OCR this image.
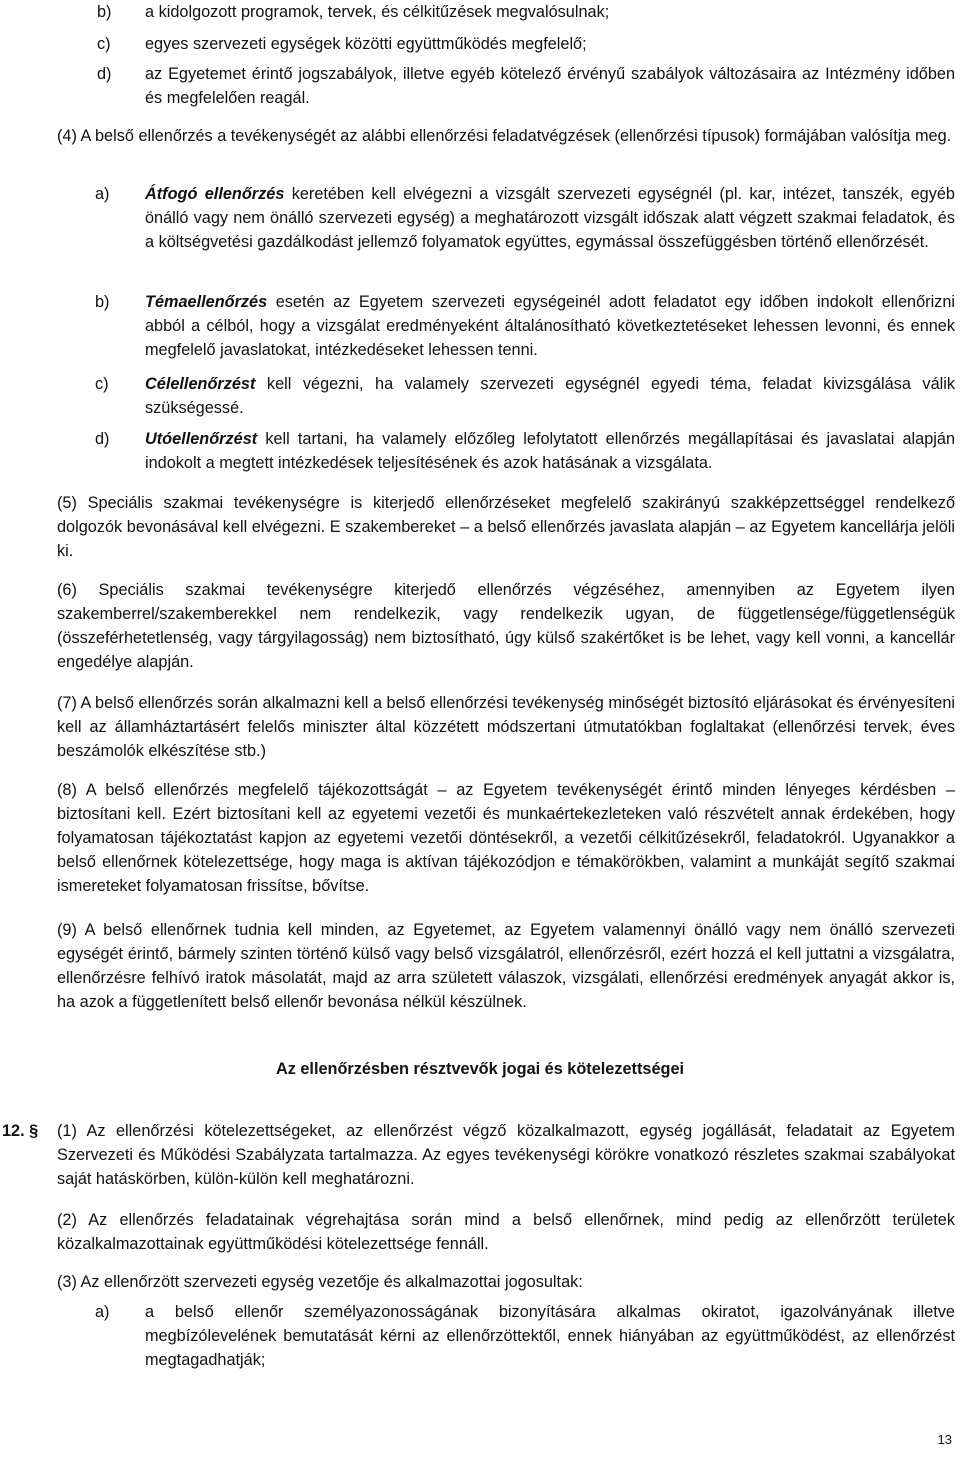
b) a kidolgozott programok, tervek, és célkitűzések megvalósulnak;
c) egyes szervezeti egységek közötti együttműködés megfelelő;
d) az Egyetemet érintő jogszabályok, illetve egyéb kötelező érvényű szabályok változásaira az Intézmény időben és megfelelően reagál.

(4) A belső ellenőrzés a tevékenységét az alábbi ellenőrzési feladatvégzések (ellenőrzési típusok) formájában valósítja meg.

a) Átfogó ellenőrzés keretében kell elvégezni a vizsgált szervezeti egységnél (pl. kar, intézet, tanszék, egyéb önálló vagy nem önálló szervezeti egység) a meghatározott vizsgált időszak alatt végzett szakmai feladatok, és a költségvetési gazdálkodást jellemző folyamatok együttes, egymással összefüggésben történő ellenőrzését.
b) Témaellenőrzés esetén az Egyetem szervezeti egységeinél adott feladatot egy időben indokolt ellenőrizni abból a célból, hogy a vizsgálat eredményeként általánosítható következtetéseket lehessen levonni, és ennek megfelelő javaslatokat, intézkedéseket lehessen tenni.
c) Célellenőrzést kell végezni, ha valamely szervezeti egységnél egyedi téma, feladat kivizsgálása válik szükségessé.
d) Utóellenőrzést kell tartani, ha valamely előzőleg lefolytatott ellenőrzés megállapításai és javaslatai alapján indokolt a megtett intézkedések teljesítésének és azok hatásának a vizsgálata.

(5) Speciális szakmai tevékenységre is kiterjedő ellenőrzéseket megfelelő szakirányú szakképzettséggel rendelkező dolgozók bevonásával kell elvégezni. E szakembereket – a belső ellenőrzés javaslata alapján – az Egyetem kancellárja jelöli ki.

(6) Speciális szakmai tevékenységre kiterjedő ellenőrzés végzéséhez, amennyiben az Egyetem ilyen szakemberrel/szakemberekkel nem rendelkezik, vagy rendelkezik ugyan, de függetlensége/függetlenségük (összeférhetetlenség, vagy tárgyilagosság) nem biztosítható, úgy külső szakértőket is be lehet, vagy kell vonni, a kancellár engedélye alapján.

(7) A belső ellenőrzés során alkalmazni kell a belső ellenőrzési tevékenység minőségét biztosító eljárásokat és érvényesíteni kell az államháztartásért felelős miniszter által közzétett módszertani útmutatókban foglaltakat (ellenőrzési tervek, éves beszámolók elkészítése stb.)

(8) A belső ellenőrzés megfelelő tájékozottságát – az Egyetem tevékenységét érintő minden lényeges kérdésben – biztosítani kell. Ezért biztosítani kell az egyetemi vezetői és munkaértekezleteken való részvételt annak érdekében, hogy folyamatosan tájékoztatást kapjon az egyetemi vezetői döntésekről, a vezetői célkitűzésekről, feladatokról. Ugyanakkor a belső ellenőrnek kötelezettsége, hogy maga is aktívan tájékozódjon e témakörökben, valamint a munkáját segítő szakmai ismereteket folyamatosan frissítse, bővítse.

(9) A belső ellenőrnek tudnia kell minden, az Egyetemet, az Egyetem valamennyi önálló vagy nem önálló szervezeti egységét érintő, bármely szinten történő külső vagy belső vizsgálatról, ellenőrzésről, ezért hozzá el kell juttatni a vizsgálatra, ellenőrzésre felhívó iratok másolatát, majd az arra született válaszok, vizsgálati, ellenőrzési eredmények anyagát akkor is, ha azok a függetlenített belső ellenőr bevonása nélkül készülnek.

Az ellenőrzésben résztvevők jogai és kötelezettségei

12. § (1) Az ellenőrzési kötelezettségeket, az ellenőrzést végző közalkalmazott, egység jogállását, feladatait az Egyetem Szervezeti és Működési Szabályzata tartalmazza. Az egyes tevékenységi körökre vonatkozó részletes szakmai szabályokat saját hatáskörben, külön-külön kell meghatározni.

(2) Az ellenőrzés feladatainak végrehajtása során mind a belső ellenőrnek, mind pedig az ellenőrzött területek közalkalmazottainak együttműködési kötelezettsége fennáll.

(3) Az ellenőrzött szervezeti egység vezetője és alkalmazottai jogosultak:

a) a belső ellenőr személyazonosságának bizonyítására alkalmas okiratot, igazolványának illetve megbízólevelének bemutatását kérni az ellenőrzöttektől, ennek hiányában az együttműködést, az ellenőrzést megtagadhatják;

13
